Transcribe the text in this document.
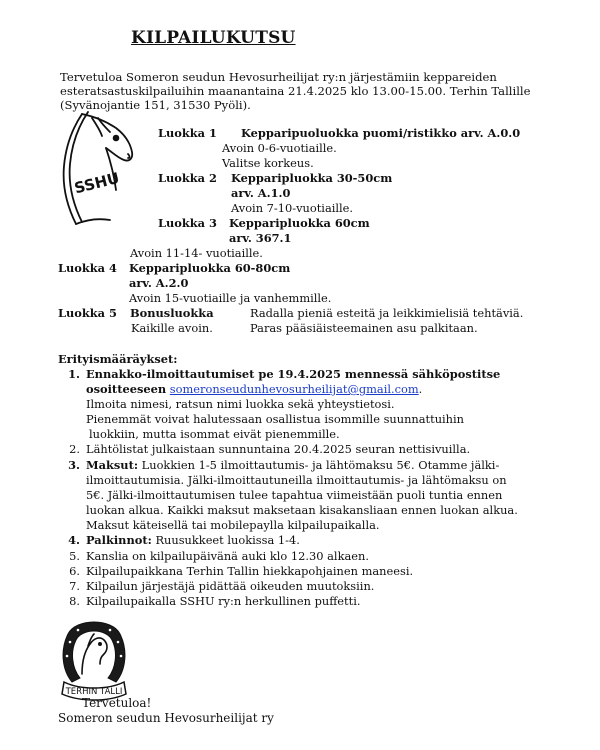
KILPAILUKUTSU
Tervetuloa Someron seudun Hevosurheilijat ry:n järjestämiin keppareiden
esteratsastuskilpailuihin maanantaina 21.4.2025 klo 13.00-15.00. Terhin Tallille
(Syvänojantie 151, 31530 Pyöli).
SSHU
Luokka 1 Kepparipuoluokka puomi/ristikko arv. A.0.0
Avoin 0-6-vuotiaille.
Valitse korkeus.
Luokka 2 Kepparipluokka 30-50cm
arv. A.1.0
Avoin 7-10-vuotiaille.
Luokka 3 Kepparipluokka 60cm
arv. 367.1
Avoin 11-14- vuotiaille.
Luokka 4 Kepparipluokka 60-80cm
arv. A.2.0
Avoin 15-vuotiaille ja vanhemmille.
Luokka 5 Bonusluokka	Radalla pieniä esteitä ja leikkimielisiä tehtäviä.
Kaikille avoin.	Paras pääsiäisteemainen asu palkitaan.
Erityismääräykset:
1. Ennakko-ilmoittautumiset pe 19.4.2025 mennessä sähköpostitse
osoitteeseen someronseudunhevosurheilijat@gmail.com.
Ilmoita nimesi, ratsun nimi luokka sekä yhteystietosi.
Pienemmät voivat halutessaan osallistua isommille suunnattuihin
luokkiin, mutta isommat eivät pienemmille.
2. Lähtölistat julkaistaan sunnuntaina 20.4.2025 seuran nettisivuilla.
3. Maksut: Luokkien 1-5 ilmoittautumis- ja lähtömaksu 5€. Otamme jälki-
ilmoittautumisia. Jälki-ilmoittautuneilla ilmoittautumis- ja lähtömaksu on
5€. Jälki-ilmoittautumisen tulee tapahtua viimeistään puoli tuntia ennen
luokan alkua. Kaikki maksut maksetaan kisakansliaan ennen luokan alkua.
Maksut käteisellä tai mobilepaylla kilpailupaikalla.
4. Palkinnot: Ruusukkeet luokissa 1-4.
5. Kanslia on kilpailupäivänä auki klo 12.30 alkaen.
6. Kilpailupaikkana Terhin Tallin hiekkapohjainen maneesi.
7. Kilpailun järjestäjä pidättää oikeuden muutoksiin.
8. Kilpailupaikalla SSHU ry:n herkullinen puffetti.
TERHIN TALLI
Tervetuloa!
Someron seudun Hevosurheilijat ry
